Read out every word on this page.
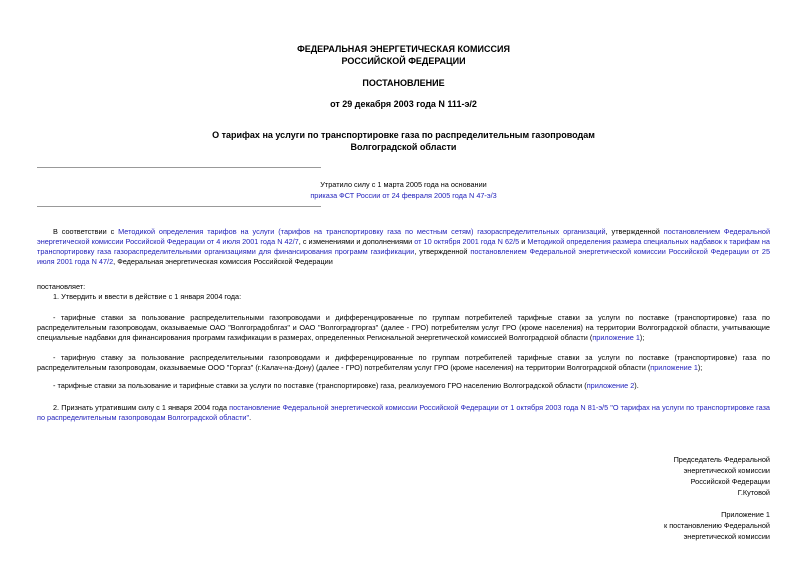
ФЕДЕРАЛЬНАЯ ЭНЕРГЕТИЧЕСКАЯ КОМИССИЯ
РОССИЙСКОЙ ФЕДЕРАЦИИ
ПОСТАНОВЛЕНИЕ
от 29 декабря 2003 года N 111-э/2
О тарифах на услуги по транспортировке газа по распределительным газопроводам
Волгоградской области
Утратило силу с 1 марта 2005 года на основании
приказа ФСТ России от 24 февраля 2005 года N 47-э/3
В соответствии с Методикой определения тарифов на услуги (тарифов на транспортировку газа по местным сетям) газораспределительных организаций, утвержденной постановлением Федеральной энергетической комиссии Российской Федерации от 4 июля 2001 года N 42/7, с изменениями и дополнениями от 10 октября 2001 года N 62/5 и Методикой определения размера специальных надбавок к тарифам на транспортировку газа газораспределительными организациями для финансирования программ газификации, утвержденной постановлением Федеральной энергетической комиссии Российской Федерации от 25 июля 2001 года N 47/2, Федеральная энергетическая комиссия Российской Федерации
постановляет:
1. Утвердить и ввести в действие с 1 января 2004 года:
- тарифные ставки за пользование распределительными газопроводами и дифференцированные по группам потребителей тарифные ставки за услуги по поставке (транспортировке) газа по распределительным газопроводам, оказываемые ОАО "Волгоградоблгаз" и ОАО "Волгоградгоргаз" (далее - ГРО) потребителям услуг ГРО (кроме населения) на территории Волгоградской области, учитывающие специальные надбавки для финансирования программ газификации в размерах, определенных Региональной энергетической комиссией Волгоградской области (приложение 1);
- тарифную ставку за пользование распределительными газопроводами и дифференцированные по группам потребителей тарифные ставки за услуги по поставке (транспортировке) газа по распределительным газопроводам, оказываемые ООО "Горгаз" (г.Калач-на-Дону) (далее - ГРО) потребителям услуг ГРО (кроме населения) на территории Волгоградской области (приложение 1);
- тарифные ставки за пользование и тарифные ставки за услуги по поставке (транспортировке) газа, реализуемого ГРО населению Волгоградской области (приложение 2).
2. Признать утратившим силу с 1 января 2004 года постановление Федеральной энергетической комиссии Российской Федерации от 1 октября 2003 года N 81-э/5 "О тарифах на услуги по транспортировке газа по распределительным газопроводам Волгоградской области".
Председатель Федеральной
энергетической комиссии
Российской Федерации
Г.Кутовой
Приложение 1
к постановлению Федеральной
энергетической комиссии
